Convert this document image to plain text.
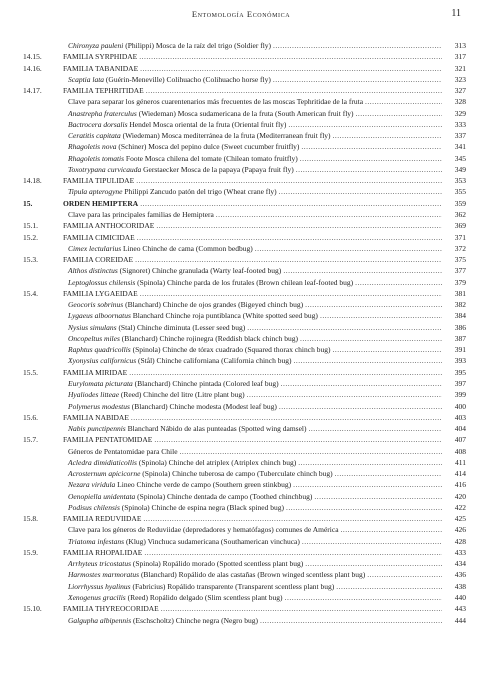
Entomología Económica	11
Chironyza pauleni (Philippi) Mosca de la raíz del trigo (Soldier fly) .....	313
14.15.	FAMILIA SYRPHIDAE .....	317
14.16.	FAMILIA TABANIDAE .....	321
Scaptia lata (Guérin-Meneville) Colihuacho (Colihuacho horse fly) .....	323
14.17.	FAMILIA TEPHRITIDAE .....	327
Clave para separar los géneros cuarentenarios más frecuentes de las moscas Tephritidae de la fruta .....	328
Anastrepha fraterculus (Wiedeman) Mosca sudamericana de la fruta (South American fruit fly) .....	329
Bactrocera dorsalis Hendel Mosca oriental de la fruta (Oriental fruit fly) .....	333
Ceratitis capitata (Wiedeman) Mosca mediterránea de la fruta (Mediterranean fruit fly) .....	337
Rhagoletis nova (Schiner) Mosca del pepino dulce (Sweet cucumber fruitfly) .....	341
Rhagoletis tomatis Foote Mosca chilena del tomate (Chilean tomato fruitfly) .....	345
Toxotrypana curvicauda Gerstaecker Mosca de la papaya (Papaya fruit fly) .....	349
14.18.	FAMILIA TIPULIDAE .....	353
Tipula apterogyne Philippi Zancudo patón del trigo (Wheat crane fly) .....	355
15.	ORDEN HEMIPTERA .....	359
Clave para las principales familias de Hemiptera .....	362
15.1.	FAMILIA ANTHOCORIDAE .....	369
15.2.	FAMILIA CIMICIDAE .....	371
Cimex lectularius Lineo Chinche de cama (Common bedbug) .....	372
15.3.	FAMILIA COREIDAE .....	375
Althos distinctus (Signoret) Chinche granulada (Warty leaf-footed bug) .....	377
Leptoglossus chilensis (Spinola) Chinche parda de los frutales (Brown chilean leaf-footed bug) .....	379
15.4.	FAMILIA LYGAEIDAE .....	381
Geocoris sobrinus (Blanchard) Chinche de ojos grandes (Bigeyed chinch bug) .....	382
Lygaeus alboornatus Blanchard Chinche roja puntiblanca (White spotted seed bug) .....	384
Nysius simulans (Stal) Chinche diminuta (Lesser seed bug) .....	386
Oncopeltus miles (Blanchard) Chinche rojinegra (Reddish black chinch bug) .....	387
Raphtus quadricollis (Spinola) Chinche de tórax cuadrado (Squared thorax chinch bug) .....	391
Xyonysius californicus (Stål) Chinche californiana (California chinch bug) .....	393
15.5.	FAMILIA MIRIDAE .....	395
Eurylomata picturata (Blanchard) Chinche pintada (Colored leaf bug) .....	397
Hyaliodes litteae (Reed) Chinche del litre (Litre plant bug) .....	399
Polymerus modestus (Blanchard) Chinche modesta (Modest leaf bug) .....	400
15.6.	FAMILIA NABIDAE .....	403
Nabis punctipennis Blanchard Nábido de alas punteadas (Spotted wing damsel) .....	404
15.7.	FAMILIA PENTATOMIDAE .....	407
Géneros de Pentatomidae para Chile .....	408
Acledra dimidiaticollis (Spinola) Chinche del atriplex (Atriplex chinch bug) .....	411
Acrosternum apicicorne (Spinola) Chinche tuberosa de campo (Tuberculate chinch bug) .....	414
Nezara viridula Lineo Chinche verde de campo (Southern green stinkbug) .....	416
Oenopiella unidentata (Spinola) Chinche dentada de campo (Toothed chinchbug) .....	420
Podisus chilensis (Spinola) Chinche de espina negra (Black spined bug) .....	422
15.8.	FAMILIA REDUVIIDAE .....	425
Clave para los géneros de Reduviidae (depredadores y hematófagos) comunes de América .....	426
Triatoma infestans (Klug) Vinchuca sudamericana (Southamerican vinchuca) .....	428
15.9.	FAMILIA RHOPALIDAE .....	433
Arrhyteus tricostatus (Spinola) Ropálido morado (Spotted scentless plant bug) .....	434
Harmostes marmoratus (Blanchard) Ropálido de alas castañas (Brown winged scentless plant bug) .....	436
Liorrhyssus hyalinus (Fabricius) Ropálido transparente (Transparent scentless plant bug) .....	438
Xenogenus gracilis (Reed) Ropálido delgado (Slim scentless plant bug) .....	440
15.10.	FAMILIA THYREOCORIDAE .....	443
Galgupha albipennis (Eschscholtz) Chinche negra (Negro bug) .....	444
